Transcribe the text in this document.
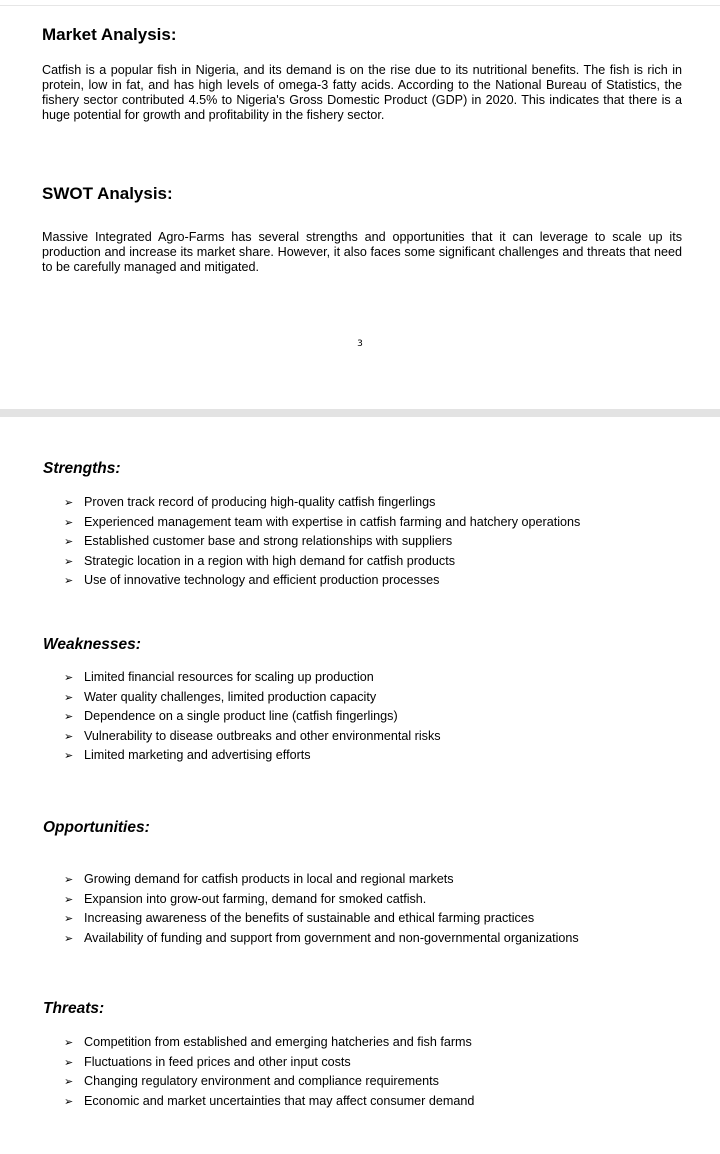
Market Analysis:

Catfish is a popular fish in Nigeria, and its demand is on the rise due to its nutritional benefits. The fish is rich in protein, low in fat, and has high levels of omega-3 fatty acids. According to the National Bureau of Statistics, the fishery sector contributed 4.5% to Nigeria's Gross Domestic Product (GDP) in 2020. This indicates that there is a huge potential for growth and profitability in the fishery sector.

SWOT Analysis:

Massive Integrated Agro-Farms has several strengths and opportunities that it can leverage to scale up its production and increase its market share. However, it also faces some significant challenges and threats that need to be carefully managed and mitigated.

3
Strengths:
➢ Proven track record of producing high-quality catfish fingerlings
➢ Experienced management team with expertise in catfish farming and hatchery operations
➢ Established customer base and strong relationships with suppliers
➢ Strategic location in a region with high demand for catfish products
➢ Use of innovative technology and efficient production processes
Weaknesses:
➢ Limited financial resources for scaling up production
➢ Water quality challenges, limited production capacity
➢ Dependence on a single product line (catfish fingerlings)
➢ Vulnerability to disease outbreaks and other environmental risks
➢ Limited marketing and advertising efforts
Opportunities:
➢ Growing demand for catfish products in local and regional markets
➢ Expansion into grow-out farming, demand for smoked catfish.
➢ Increasing awareness of the benefits of sustainable and ethical farming practices
➢ Availability of funding and support from government and non-governmental organizations
Threats:
➢ Competition from established and emerging hatcheries and fish farms
➢ Fluctuations in feed prices and other input costs
➢ Changing regulatory environment and compliance requirements
➢ Economic and market uncertainties that may affect consumer demand
